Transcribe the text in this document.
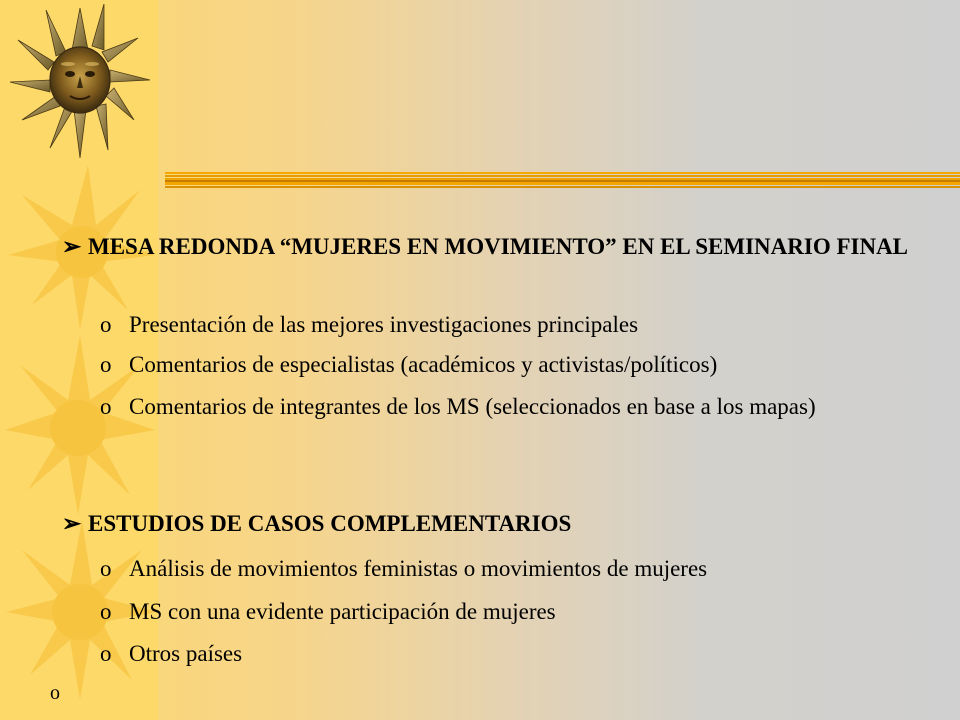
➢ MESA REDONDA “MUJERES EN MOVIMIENTO” EN EL SEMINARIO FINAL
o Presentación de las mejores investigaciones principales
o Comentarios de especialistas (académicos y activistas/políticos)
o Comentarios de integrantes de los MS (seleccionados en base a los mapas)
➢ ESTUDIOS DE CASOS COMPLEMENTARIOS
o Análisis de movimientos feministas o movimientos de mujeres
o MS con una evidente participación de mujeres
o Otros países
o
